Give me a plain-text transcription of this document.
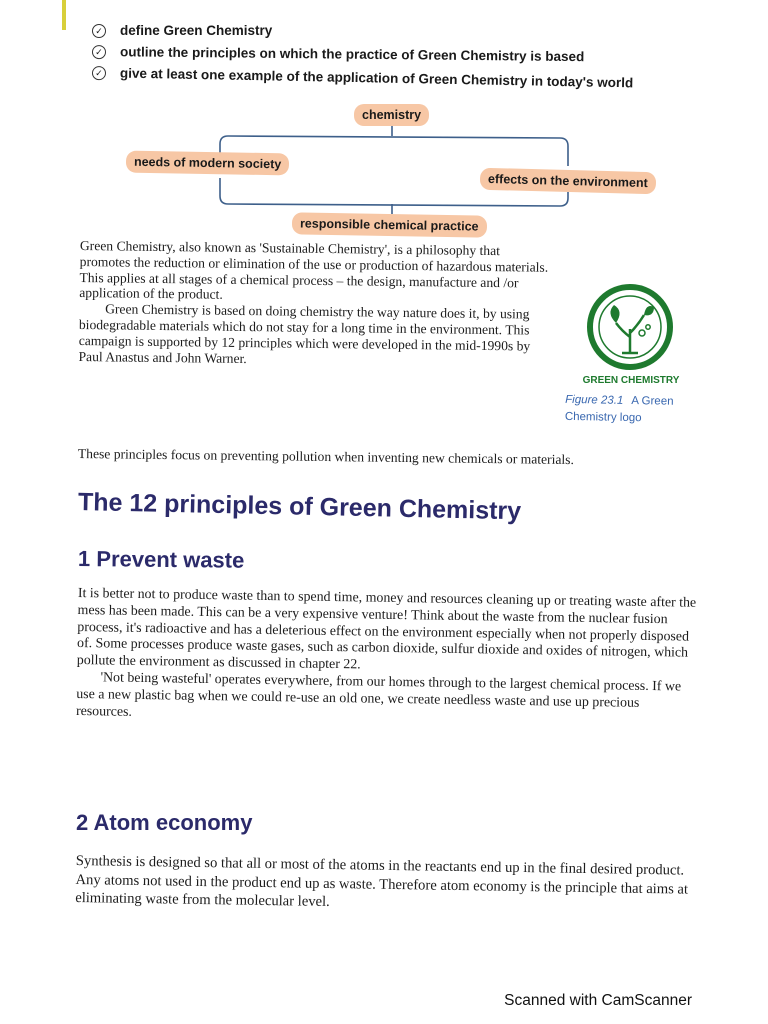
✓ define Green Chemistry
✓ outline the principles on which the practice of Green Chemistry is based
✓ give at least one example of the application of Green Chemistry in today's world
chemistry
needs of modern society
effects on the environment
responsible chemical practice

Green Chemistry, also known as 'Sustainable Chemistry', is a philosophy that promotes the reduction or elimination of the use or production of hazardous materials. This applies at all stages of a chemical process – the design, manufacture and /or application of the product.

Green Chemistry is based on doing chemistry the way nature does it, by using biodegradable materials which do not stay for a long time in the environment. This campaign is supported by 12 principles which were developed in the mid-1990s by Paul Anastus and John Warner.

These principles focus on preventing pollution when inventing new chemicals or materials.

GREEN CHEMISTRY
Figure 23.1 A Green Chemistry logo
The 12 principles of Green Chemistry
1 Prevent waste

It is better not to produce waste than to spend time, money and resources cleaning up or treating waste after the mess has been made. This can be a very expensive venture! Think about the waste from the nuclear fusion process, it's radioactive and has a deleterious effect on the environment especially when not properly disposed of. Some processes produce waste gases, such as carbon dioxide, sulfur dioxide and oxides of nitrogen, which pollute the environment as discussed in chapter 22.

'Not being wasteful' operates everywhere, from our homes through to the largest chemical process. If we use a new plastic bag when we could re-use an old one, we create needless waste and use up precious resources.

2 Atom economy

Synthesis is designed so that all or most of the atoms in the reactants end up in the final desired product. Any atoms not used in the product end up as waste. Therefore atom economy is the principle that aims at eliminating waste from the molecular level.

Scanned with CamScanner
